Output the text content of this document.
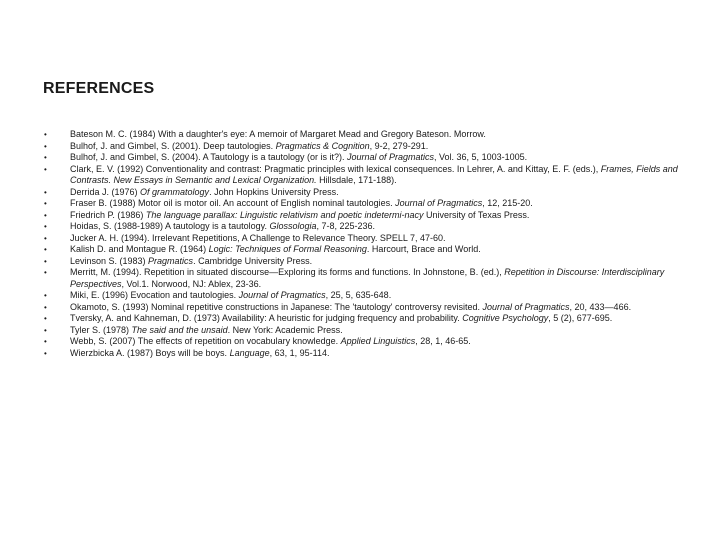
REFERENCES
•	Bateson M. C. (1984) With a daughter's eye: A memoir of Margaret Mead and Gregory Bateson. Morrow.
•	Bulhof, J. and Gimbel, S. (2001). Deep tautologies. Pragmatics & Cognition, 9-2, 279-291.
•	Bulhof, J. and Gimbel, S. (2004). A Tautology is a tautology (or is it?). Journal of Pragmatics, Vol. 36, 5, 1003-1005.
•	Clark, E. V. (1992) Conventionality and contrast: Pragmatic principles with lexical consequences. In Lehrer, A. and Kittay, E. F. (eds.), Frames, Fields and Contrasts. New Essays in Semantic and Lexical Organization. Hillsdale, 171-188).
•	Derrida J. (1976) Of grammatology. John Hopkins University Press.
•	Fraser B. (1988) Motor oil is motor oil. An account of English nominal tautologies. Journal of Pragmatics, 12, 215-20.
•	Friedrich P. (1986) The language parallax: Linguistic relativism and poetic indetermi-nacy University of Texas Press.
•	Hoidas, S. (1988-1989) A tautology is a tautology. Glossologia, 7-8, 225-236.
•	Jucker A. H. (1994). Irrelevant Repetitions, A Challenge to Relevance Theory. SPELL 7, 47-60.
•	Kalish D. and Montague R. (1964) Logic: Techniques of Formal Reasoning. Harcourt, Brace and World.
•	Levinson S. (1983) Pragmatics. Cambridge University Press.
•	Merritt, M. (1994). Repetition in situated discourse—Exploring its forms and functions. In Johnstone, B. (ed.), Repetition in Discourse: Interdisciplinary Perspectives, Vol.1. Norwood, NJ: Ablex, 23-36.
•	Miki, E. (1996) Evocation and tautologies. Journal of Pragmatics, 25, 5, 635-648.
•	Okamoto, S. (1993) Nominal repetitive constructions in Japanese: The 'tautology' controversy revisited. Journal of Pragmatics, 20, 433—466.
•	Tversky, A. and Kahneman, D. (1973) Availability: A heuristic for judging frequency and probability. Cognitive Psychology, 5 (2), 677-695.
•	Tyler S. (1978) The said and the unsaid. New York: Academic Press.
•	Webb, S. (2007) The effects of repetition on vocabulary knowledge. Applied Linguistics, 28, 1, 46-65.
•	Wierzbicka A. (1987) Boys will be boys. Language, 63, 1, 95-114.
